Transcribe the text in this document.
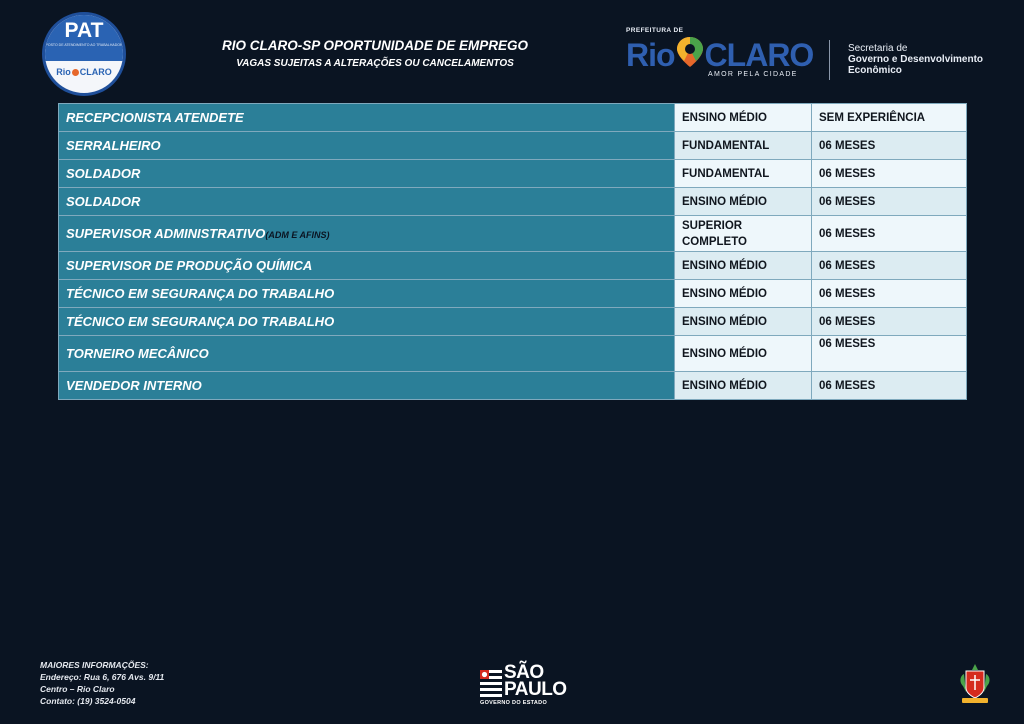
PAT
POSTO DE ATENDIMENTO AO TRABALHADOR
Rio CLARO
RIO CLARO-SP OPORTUNIDADE DE EMPREGO
VAGAS SUJEITAS A ALTERAÇÕES OU CANCELAMENTOS
PREFEITURA DE
Rio CLARO
AMOR PELA CIDADE
Secretaria de
Governo e Desenvolvimento
Econômico
RECEPCIONISTA ATENDETE	ENSINO MÉDIO	SEM EXPERIÊNCIA
SERRALHEIRO	FUNDAMENTAL	06 MESES
SOLDADOR	FUNDAMENTAL	06 MESES
SOLDADOR	ENSINO MÉDIO	06 MESES
SUPERVISOR ADMINISTRATIVO(ADM E AFINS)	SUPERIOR COMPLETO	06 MESES
SUPERVISOR DE PRODUÇÃO QUÍMICA	ENSINO MÉDIO	06 MESES
TÉCNICO EM SEGURANÇA DO TRABALHO	ENSINO MÉDIO	06 MESES
TÉCNICO EM SEGURANÇA DO TRABALHO	ENSINO MÉDIO	06 MESES
TORNEIRO MECÂNICO	ENSINO MÉDIO	06 MESES
VENDEDOR INTERNO	ENSINO MÉDIO	06 MESES
MAIORES INFORMAÇÕES:
Endereço: Rua 6, 676 Avs. 9/11
Centro – Rio Claro
Contato: (19) 3524-0504
SÃO
PAULO
GOVERNO DO ESTADO
